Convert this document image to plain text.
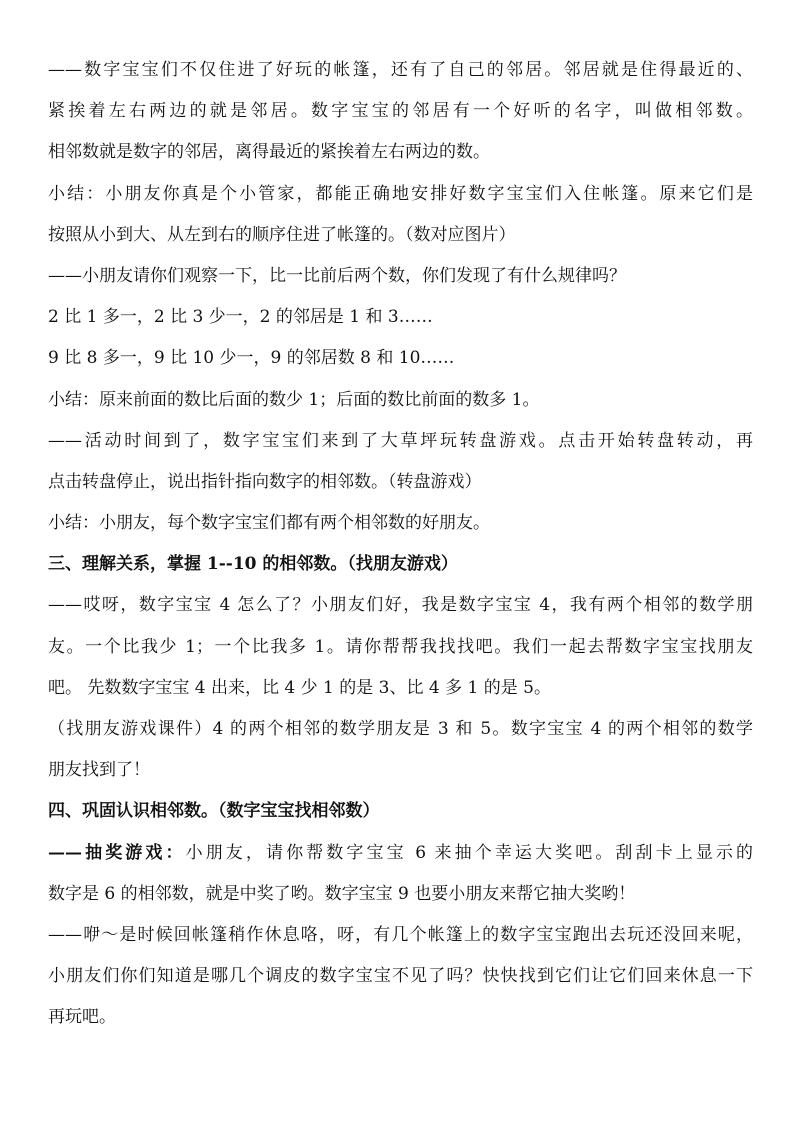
——数字宝宝们不仅住进了好玩的帐篷，还有了自己的邻居。邻居就是住得最近的、
紧挨着左右两边的就是邻居。数字宝宝的邻居有一个好听的名字，叫做相邻数。
相邻数就是数字的邻居，离得最近的紧挨着左右两边的数。
小结：小朋友你真是个小管家，都能正确地安排好数字宝宝们入住帐篷。原来它们是
按照从小到大、从左到右的顺序住进了帐篷的。（数对应图片）
——小朋友请你们观察一下，比一比前后两个数，你们发现了有什么规律吗？
2 比 1 多一，2 比 3 少一，2 的邻居是 1 和 3……
9 比 8 多一，9 比 10 少一，9 的邻居数 8 和 10……
小结：原来前面的数比后面的数少 1；后面的数比前面的数多 1。
——活动时间到了，数字宝宝们来到了大草坪玩转盘游戏。点击开始转盘转动，再
点击转盘停止，说出指针指向数字的相邻数。（转盘游戏）
小结：小朋友，每个数字宝宝们都有两个相邻数的好朋友。
三、理解关系，掌握 1--10 的相邻数。（找朋友游戏）
——哎呀，数字宝宝 4 怎么了？小朋友们好，我是数字宝宝 4，我有两个相邻的数学朋
友。一个比我少 1；一个比我多 1。请你帮帮我找找吧。我们一起去帮数字宝宝找朋友
吧。 先数数字宝宝 4 出来，比 4 少 1 的是 3、比 4 多 1 的是 5。
（找朋友游戏课件）4 的两个相邻的数学朋友是 3 和 5。数字宝宝 4 的两个相邻的数学
朋友找到了！
四、巩固认识相邻数。（数字宝宝找相邻数）
——抽奖游戏：小朋友，请你帮数字宝宝 6 来抽个幸运大奖吧。刮刮卡上显示的
数字是 6 的相邻数，就是中奖了哟。数字宝宝 9 也要小朋友来帮它抽大奖哟！
——咿～是时候回帐篷稍作休息咯，呀，有几个帐篷上的数字宝宝跑出去玩还没回来呢，
小朋友们你们知道是哪几个调皮的数字宝宝不见了吗？快快找到它们让它们回来休息一下
再玩吧。
